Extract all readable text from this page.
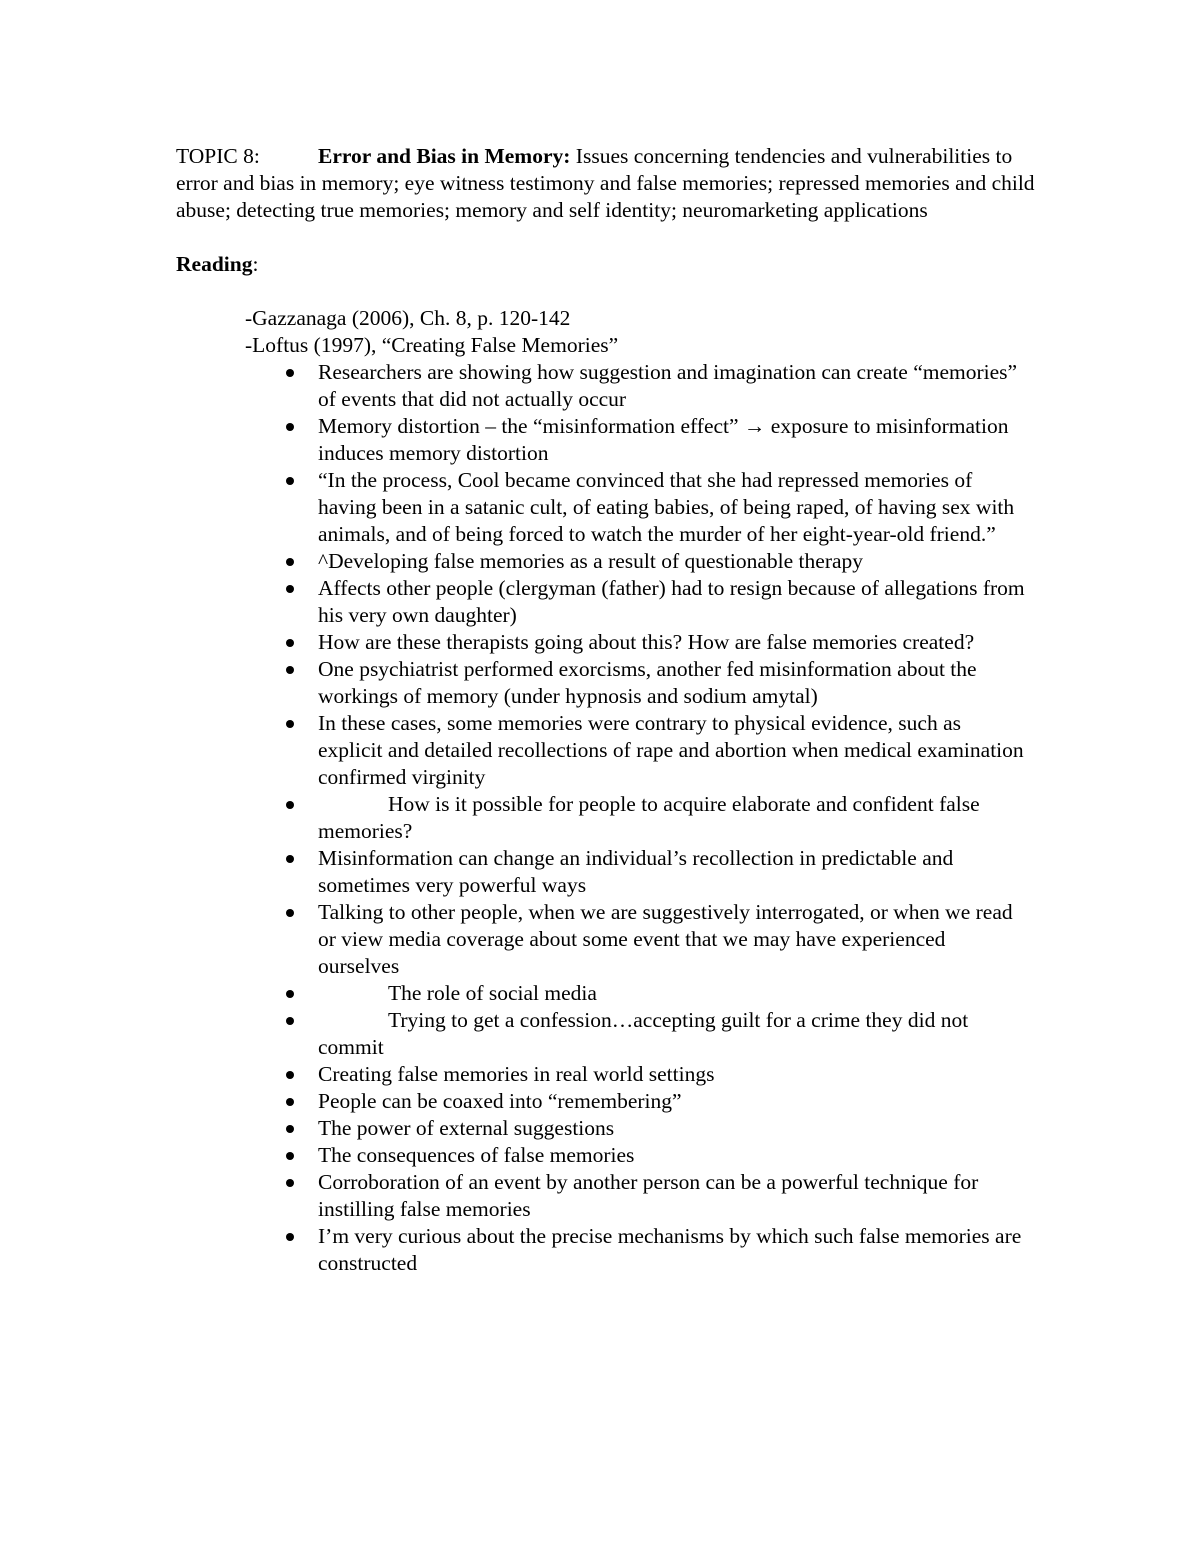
TOPIC 8:	Error and Bias in Memory: Issues concerning tendencies and vulnerabilities to error and bias in memory; eye witness testimony and false memories; repressed memories and child abuse; detecting true memories; memory and self identity; neuromarketing applications

Reading:

-Gazzanaga (2006), Ch. 8, p. 120-142

-Loftus (1997), “Creating False Memories”

Researchers are showing how suggestion and imagination can create “memories” of events that did not actually occur
Memory distortion – the “misinformation effect” → exposure to misinformation induces memory distortion
“In the process, Cool became convinced that she had repressed memories of having been in a satanic cult, of eating babies, of being raped, of having sex with animals, and of being forced to watch the murder of her eight-year-old friend.”
^Developing false memories as a result of questionable therapy
Affects other people (clergyman (father) had to resign because of allegations from his very own daughter)
How are these therapists going about this? How are false memories created?
One psychiatrist performed exorcisms, another fed misinformation about the workings of memory (under hypnosis and sodium amytal)
In these cases, some memories were contrary to physical evidence, such as explicit and detailed recollections of rape and abortion when medical examination confirmed virginity
How is it possible for people to acquire elaborate and confident false memories?
Misinformation can change an individual’s recollection in predictable and sometimes very powerful ways
Talking to other people, when we are suggestively interrogated, or when we read or view media coverage about some event that we may have experienced ourselves
The role of social media
Trying to get a confession…accepting guilt for a crime they did not commit
Creating false memories in real world settings
People can be coaxed into “remembering”
The power of external suggestions
The consequences of false memories
Corroboration of an event by another person can be a powerful technique for instilling false memories
I’m very curious about the precise mechanisms by which such false memories are constructed
